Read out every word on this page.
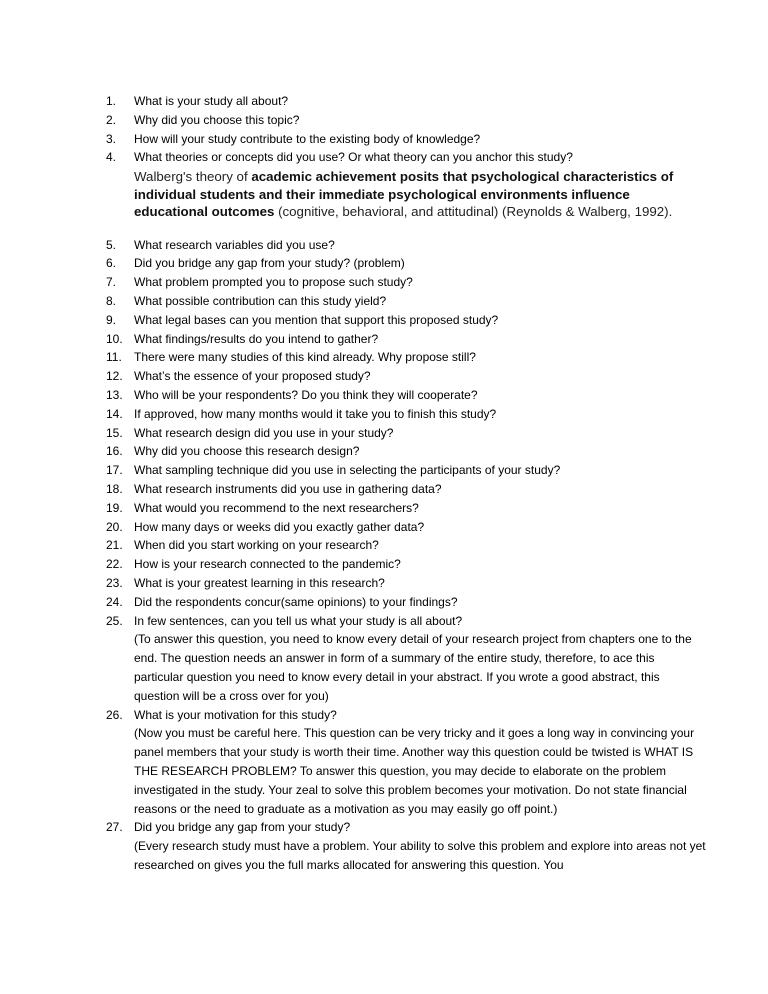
1.	What is your study all about?
2.	Why did you choose this topic?
3.	How will your study contribute to the existing body of knowledge?
4.	What theories or concepts did you use? Or what theory can you anchor this study?
Walberg's theory of academic achievement posits that psychological characteristics of individual students and their immediate psychological environments influence educational outcomes (cognitive, behavioral, and attitudinal) (Reynolds & Walberg, 1992).
5.	What research variables did you use?
6.	Did you bridge any gap from your study? (problem)
7.	What problem prompted you to propose such study?
8.	What possible contribution can this study yield?
9.	What legal bases can you mention that support this proposed study?
10. What findings/results do you intend to gather?
11.	There were many studies of this kind already. Why propose still?
12. What’s the essence of your proposed study?
13. Who will be your respondents? Do you think they will cooperate?
14. If approved, how many months would it take you to finish this study?
15. What research design did you use in your study?
16. Why did you choose this research design?
17. What sampling technique did you use in selecting the participants of your study?
18. What research instruments did you use in gathering data?
19. What would you recommend to the next researchers?
20. How many days or weeks did you exactly gather data?
21. When did you start working on your research?
22. How is your research connected to the pandemic?
23. What is your greatest learning in this research?
24. Did the respondents concur(same opinions) to your findings?
25. In few sentences, can you tell us what your study is all about?
(To answer this question, you need to know every detail of your research project from chapters one to the end. The question needs an answer in form of a summary of the entire study, therefore, to ace this particular question you need to know every detail in your abstract. If you wrote a good abstract, this question will be a cross over for you)
26. What is your motivation for this study?
(Now you must be careful here. This question can be very tricky and it goes a long way in convincing your panel members that your study is worth their time. Another way this question could be twisted is WHAT IS THE RESEARCH PROBLEM? To answer this question, you may decide to elaborate on the problem investigated in the study. Your zeal to solve this problem becomes your motivation. Do not state financial reasons or the need to graduate as a motivation as you may easily go off point.)
27. Did you bridge any gap from your study?
(Every research study must have a problem. Your ability to solve this problem and explore into areas not yet researched on gives you the full marks allocated for answering this question. You
